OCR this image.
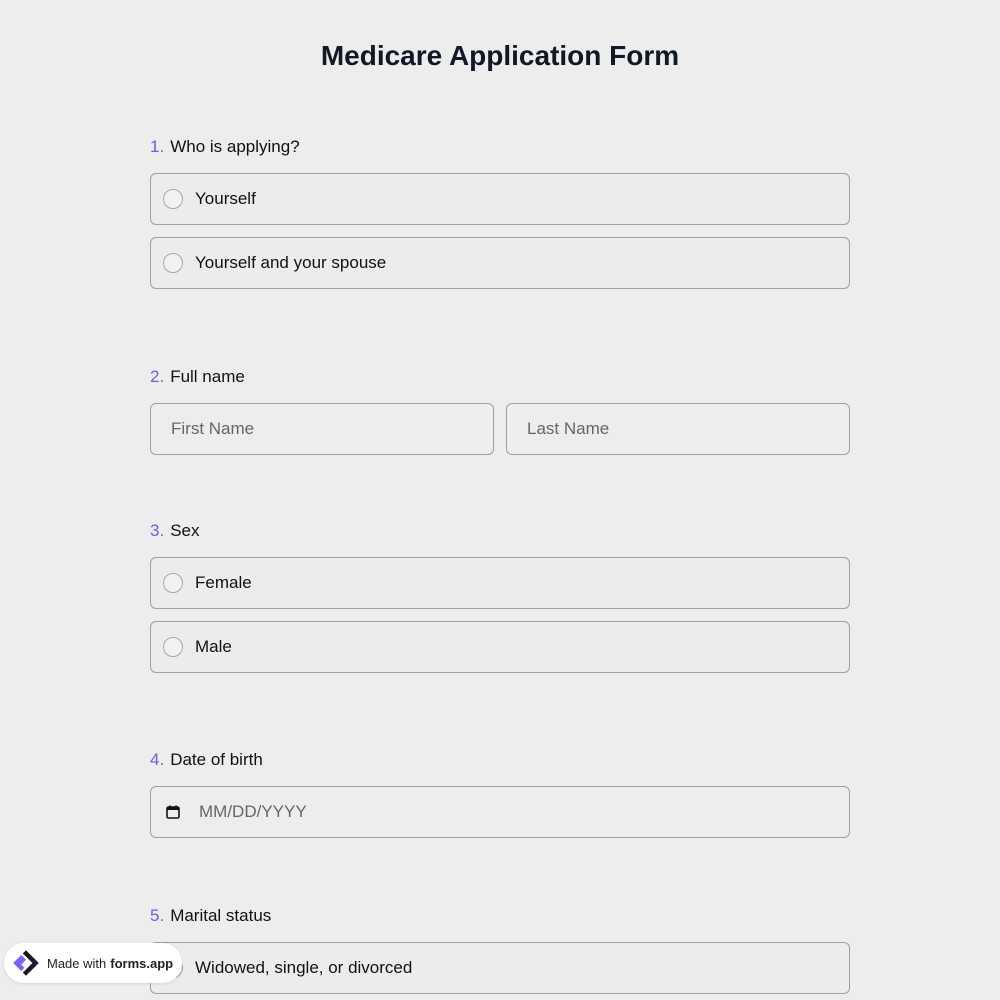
Medicare Application Form
1. Who is applying?
Yourself
Yourself and your spouse
2. Full name
First Name	Last Name
3. Sex
Female
Male
4. Date of birth
MM/DD/YYYY
5. Marital status
Widowed, single, or divorced
Made with forms.app
